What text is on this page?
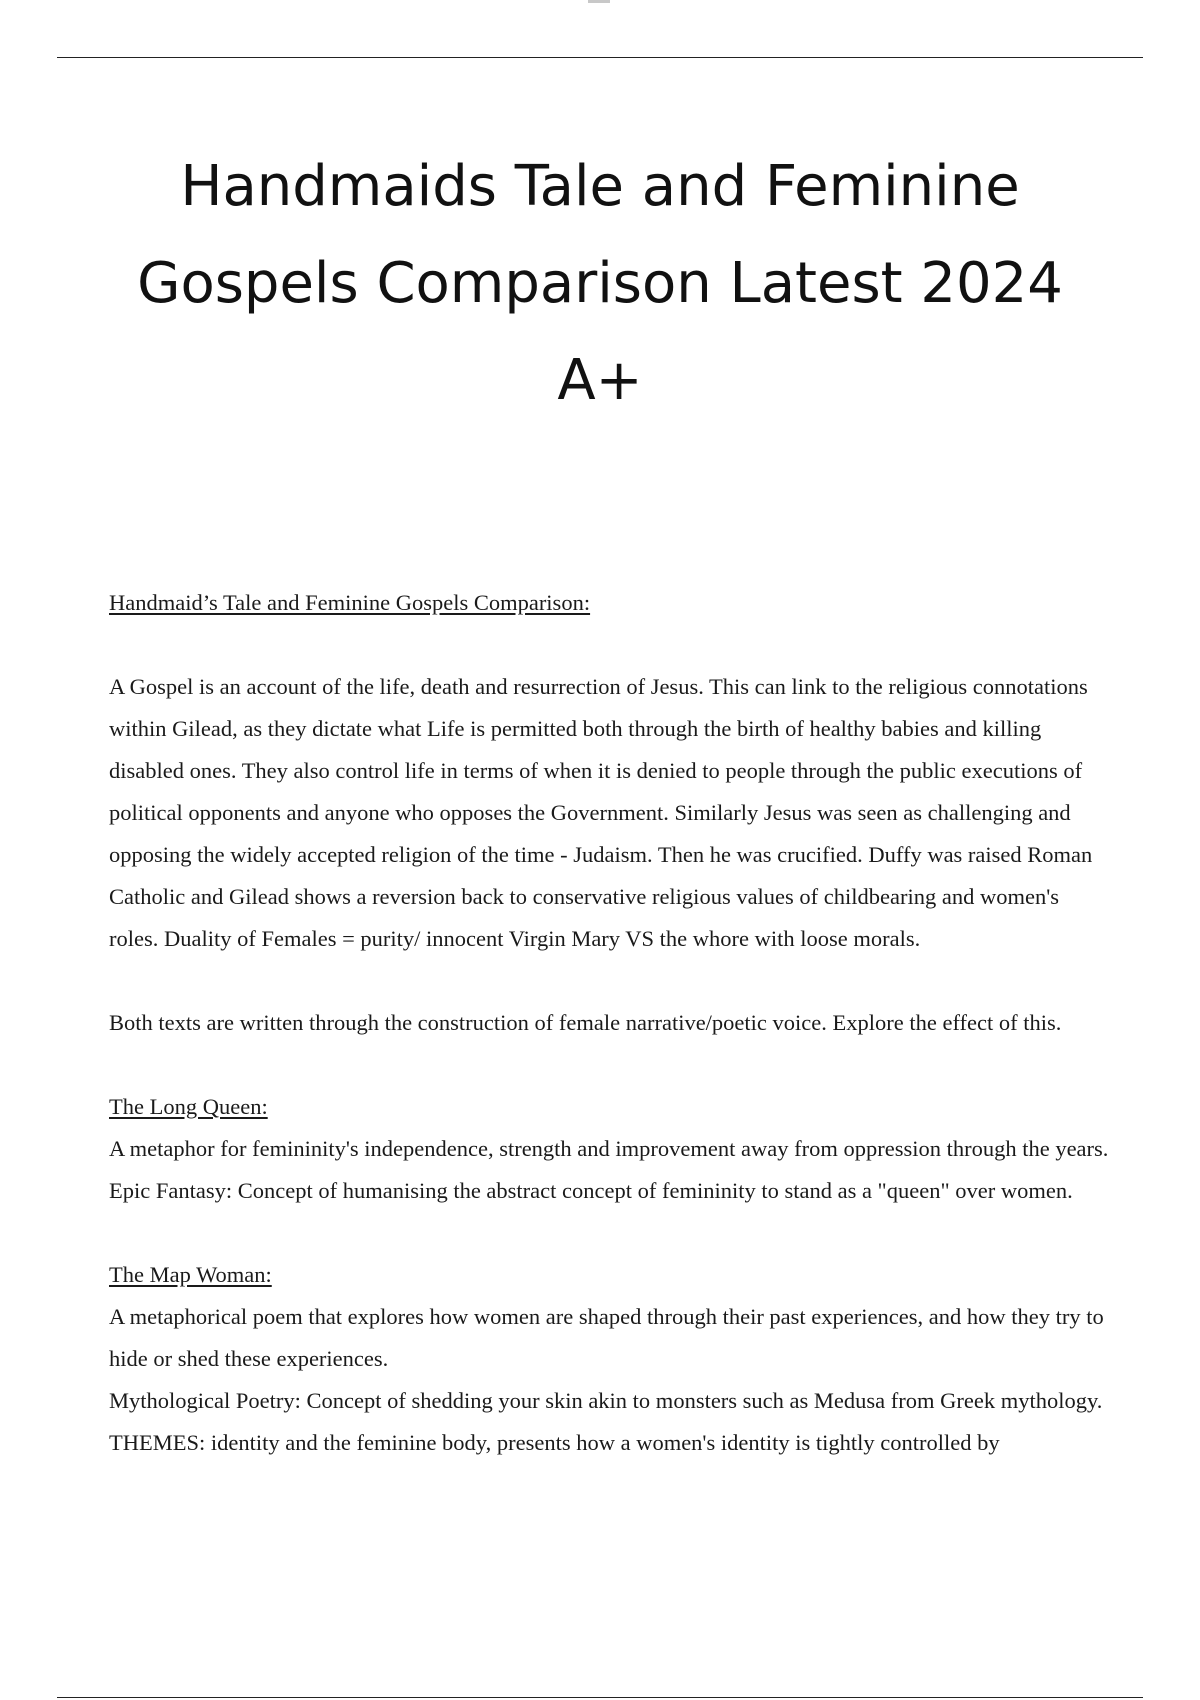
Handmaids Tale and Feminine Gospels Comparison Latest 2024 A+

Handmaid’s Tale and Feminine Gospels Comparison:

A Gospel is an account of the life, death and resurrection of Jesus. This can link to the religious connotations within Gilead, as they dictate what Life is permitted both through the birth of healthy babies and killing disabled ones. They also control life in terms of when it is denied to people through the public executions of political opponents and anyone who opposes the Government. Similarly Jesus was seen as challenging and opposing the widely accepted religion of the time - Judaism. Then he was crucified. Duffy was raised Roman Catholic and Gilead shows a reversion back to conservative religious values of childbearing and women's roles. Duality of Females = purity/ innocent Virgin Mary VS the whore with loose morals.

Both texts are written through the construction of female narrative/poetic voice. Explore the effect of this.

The Long Queen:

A metaphor for femininity's independence, strength and improvement away from oppression through the years.

Epic Fantasy: Concept of humanising the abstract concept of femininity to stand as a "queen" over women.

The Map Woman:

A metaphorical poem that explores how women are shaped through their past experiences, and how they try to hide or shed these experiences.

Mythological Poetry: Concept of shedding your skin akin to monsters such as Medusa from Greek mythology.

THEMES: identity and the feminine body, presents how a women's identity is tightly controlled by
